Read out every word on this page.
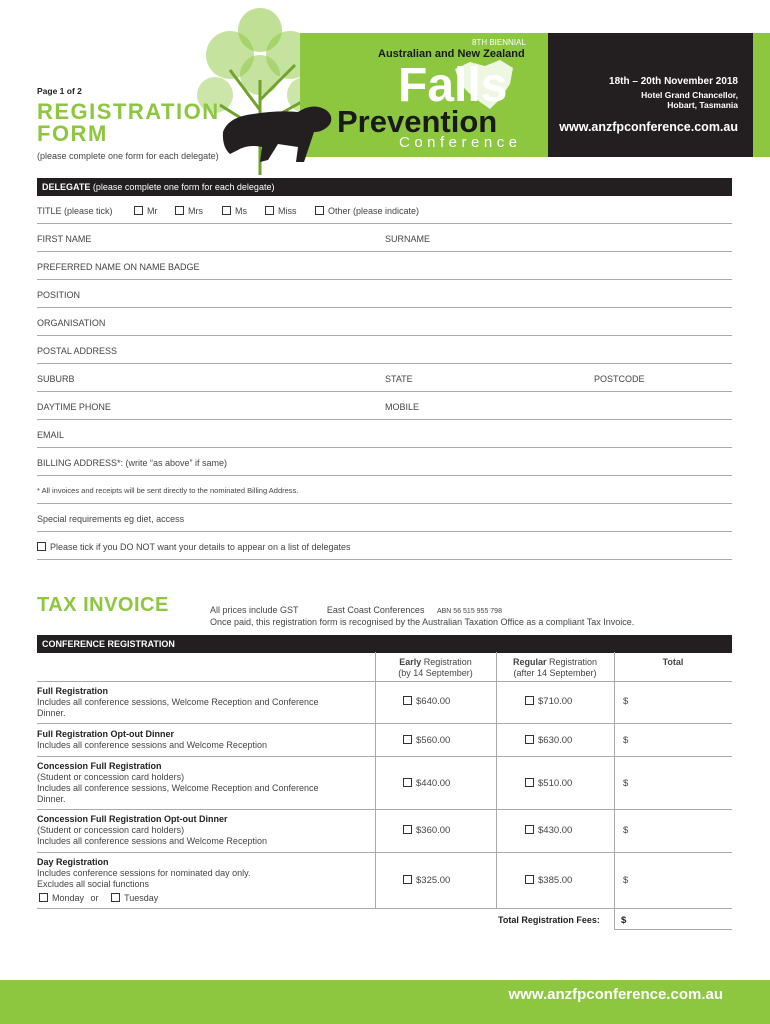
Page 1 of 2
REGISTRATION
FORM
(please complete one form for each delegate)
8TH BIENNIAL
Australian and New Zealand
Falls
Prevention
Conference
18th – 20th November 2018
Hotel Grand Chancellor,
Hobart, Tasmania
www.anzfpconference.com.au
DELEGATE (please complete one form for each delegate)
TITLE (please tick)	Mr	Mrs	Ms	Miss	Other (please indicate)
FIRST NAME	SURNAME
PREFERRED NAME ON NAME BADGE
POSITION
ORGANISATION
POSTAL ADDRESS
SUBURB	STATE	POSTCODE
DAYTIME PHONE	MOBILE
EMAIL
BILLING ADDRESS*: (write “as above” if same)
* All invoices and receipts will be sent directly to the nominated Billing Address.
Special requirements eg diet, access
Please tick if you DO NOT want your details to appear on a list of delegates
TAX INVOICE	All prices include GST	East Coast Conferences ABN 56 515 955 798
Once paid, this registration form is recognised by the Australian Taxation Office as a compliant Tax Invoice.
CONFERENCE REGISTRATION
Early Registration
(by 14 September)
Regular Registration
(after 14 September)
Total
Full Registration
Includes all conference sessions, Welcome Reception and Conference
Dinner.
$640.00	$710.00	$
Full Registration Opt-out Dinner
Includes all conference sessions and Welcome Reception	$560.00	$630.00	$
Concession Full Registration
(Student or concession card holders)
Includes all conference sessions, Welcome Reception and Conference
Dinner.
$440.00	$510.00	$
Concession Full Registration Opt-out Dinner
(Student or concession card holders)
Includes all conference sessions and Welcome Reception
$360.00	$430.00	$
Day Registration
Includes conference sessions for nominated day only.
Excludes all social functions
Monday or	Tuesday
$325.00	$385.00	$
Total Registration Fees: $
www.anzfpconference.com.au
